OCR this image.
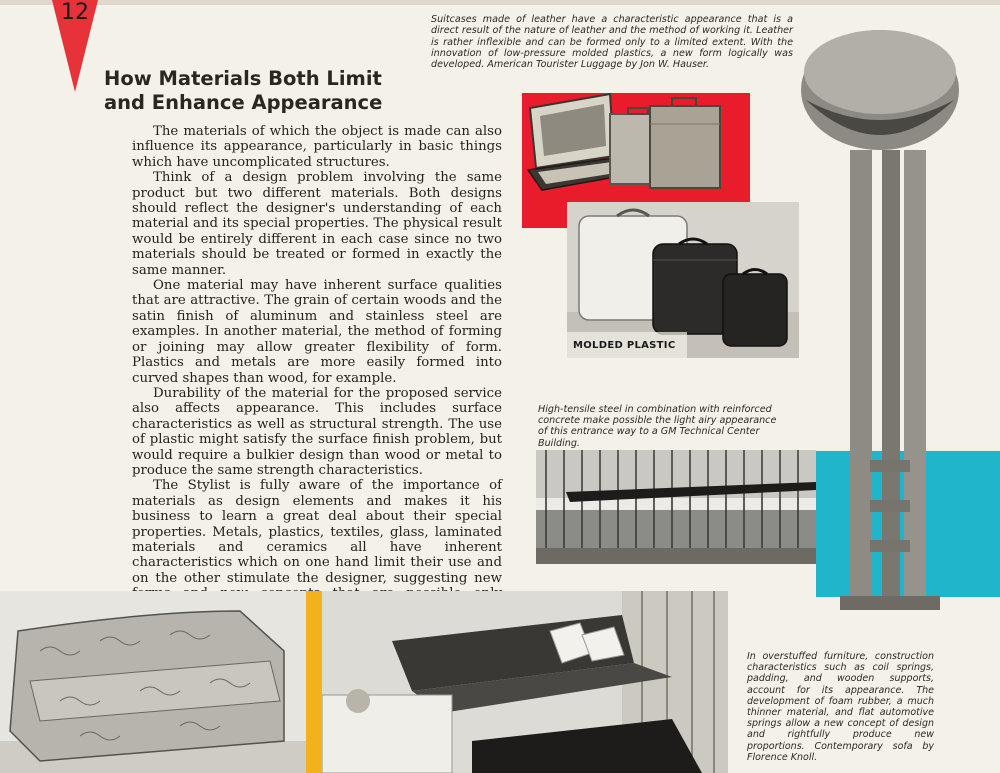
12
How Materials Both Limit
and Enhance Appearance

The materials of which the object is made can also influence its appearance, particularly in basic things which have uncomplicated structures.

Think of a design problem involving the same product but two different materials. Both designs should reflect the designer's understanding of each material and its special properties. The physical result would be entirely different in each case since no two materials should be treated or formed in exactly the same manner.

One material may have inherent surface qualities that are attractive. The grain of certain woods and the satin finish of aluminum and stainless steel are examples. In another material, the method of forming or joining may allow greater flexibility of form. Plastics and metals are more easily formed into curved shapes than wood, for example.

Durability of the material for the proposed service also affects appearance. This includes surface characteristics as well as structural strength. The use of plastic might satisfy the surface finish problem, but would require a bulkier design than wood or metal to produce the same strength characteristics.

The Stylist is fully aware of the importance of materials as design elements and makes it his business to learn a great deal about their special properties. Metals, plastics, textiles, glass, laminated materials and ceramics all have inherent characteristics which on one hand limit their use and on the other stimulate the designer, suggesting new

Suitcases made of leather have a characteristic appearance that is a direct result of the nature of leather and the method of working it. Leather is rather inflexible and can be formed only to a limited extent. With the innovation of low-pressure molded plastics, a new form logically was developed. American Tourister Luggage by Jon W. Hauser.
MOLDED PLASTIC
High-tensile steel in combination with reinforced concrete make possible the light airy appearance of this entrance way to a GM Technical Center Building.
In overstuffed furniture, construction characteristics such as coil springs, padding, and wooden supports, account for its appearance. The development of foam rubber, a much thinner material, and flat automotive springs allow a new concept of design and rightfully produce new proportions. Contemporary sofa by Florence Knoll.
